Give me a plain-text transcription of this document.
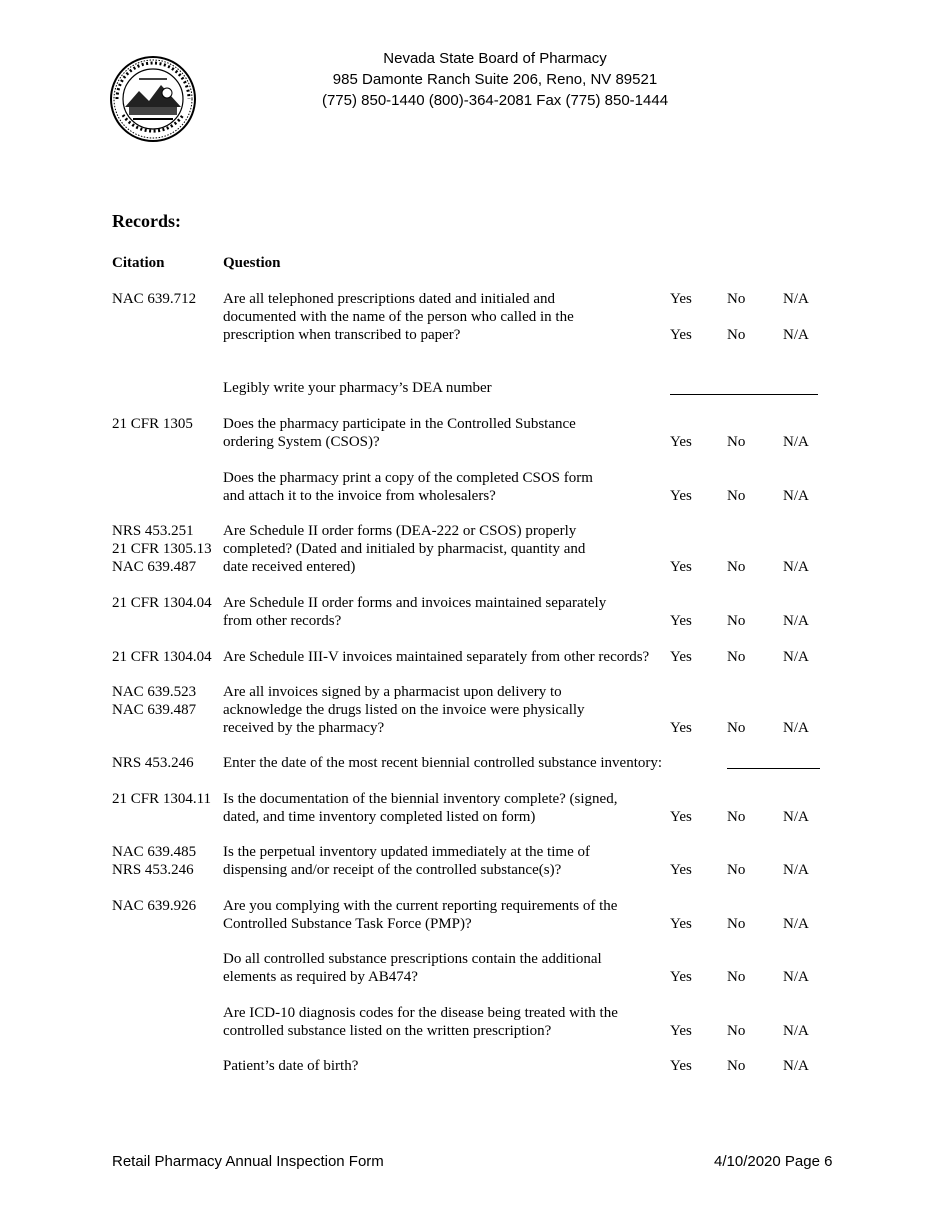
Nevada State Board of Pharmacy
985 Damonte Ranch Suite 206, Reno, NV 89521
(775) 850-1440 (800)-364-2081 Fax (775) 850-1444
Records:
Citation	Question
NAC 639.712 Are all telephoned prescriptions dated and initialed and
documented with the name of the person who called in the
prescription when transcribed to paper?
Yes No	N/A
Yes No	N/A
Legibly write your pharmacy’s DEA number
21 CFR 1305 Does the pharmacy participate in the Controlled Substance
ordering System (CSOS)?	Yes No	N/A
Does the pharmacy print a copy of the completed CSOS form
and attach it to the invoice from wholesalers?	Yes No	N/A
NRS 453.251
21 CFR 1305.13
NAC 639.487
Are Schedule II order forms (DEA-222 or CSOS) properly
completed? (Dated and initialed by pharmacist, quantity and
date received entered)	Yes No	N/A
21 CFR 1304.04 Are Schedule II order forms and invoices maintained separately
from other records?	Yes No	N/A
21 CFR 1304.04 Are Schedule III-V invoices maintained separately from other records? Yes No	N/A
NAC 639.523
NAC 639.487
Are all invoices signed by a pharmacist upon delivery to
acknowledge the drugs listed on the invoice were physically
received by the pharmacy?	Yes No	N/A
NRS 453.246 Enter the date of the most recent biennial controlled substance inventory:
21 CFR 1304.11 Is the documentation of the biennial inventory complete? (signed,
dated, and time inventory completed listed on form)	Yes No	N/A
NAC 639.485
NRS 453.246
Is the perpetual inventory updated immediately at the time of
dispensing and/or receipt of the controlled substance(s)?	Yes No	N/A
NAC 639.926 Are you complying with the current reporting requirements of the
Controlled Substance Task Force (PMP)?	Yes No	N/A
Do all controlled substance prescriptions contain the additional
elements as required by AB474?	Yes No	N/A
Are ICD-10 diagnosis codes for the disease being treated with the
controlled substance listed on the written prescription?	Yes No	N/A
Patient’s date of birth?	Yes No	N/A
Retail Pharmacy Annual Inspection Form	4/10/2020 Page 6
